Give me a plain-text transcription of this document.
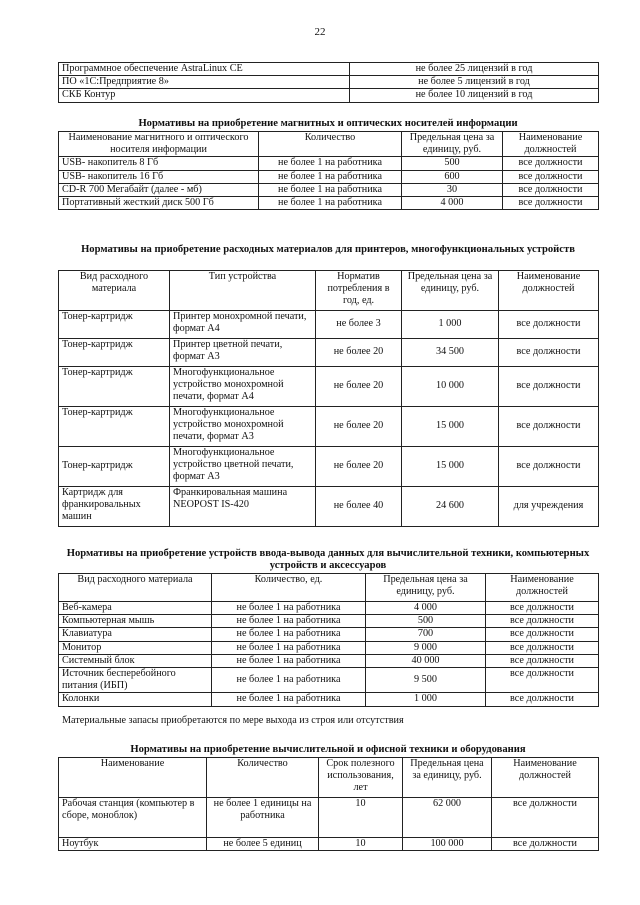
22
Программное обеспечение AstraLinux CE	не более 25 лицензий в год
ПО «1С:Предприятие 8»	не более 5 лицензий в год
СКБ Контур	не более 10 лицензий в год
Нормативы на приобретение магнитных и оптических носителей информации
Наименование магнитного и оптического носителя информации	Количество	Предельная цена за единицу, руб.	Наименование должностей
USB- накопитель 8 Гб	не более 1 на работника	500	все должности
USB- накопитель 16 Гб	не более 1 на работника	600	все должности
CD-R 700 Мегабайт (далее - мб)	не более 1 на работника	30	все должности
Портативный жесткий диск 500 Гб	не более 1 на работника	4 000	все должности
Нормативы на приобретение расходных материалов для принтеров, многофункциональных устройств
Вид расходного материала	Тип устройства	Норматив потребления в год, ед.	Предельная цена за единицу, руб.	Наименование должностей
Тонер-картридж	Принтер монохромной печати, формат А4	не более 3	1 000	все должности
Тонер-картридж	Принтер цветной печати, формат А3	не более 20	34 500	все должности
Тонер-картридж	Многофункциональное устройство монохромной печати, формат А4	не более 20	10 000	все должности
Тонер-картридж	Многофункциональное устройство монохромной печати, формат А3	не более 20	15 000	все должности
Тонер-картридж	Многофункциональное устройство цветной печати, формат А3	не более 20	15 000	все должности
Картридж для франкировальных машин	Франкировальная машина NEOPOST IS-420	не более 40	24 600	для учреждения
Нормативы на приобретение устройств ввода-вывода данных для вычислительной техники, компьютерных устройств и аксессуаров
Вид расходного материала	Количество, ед.	Предельная цена за единицу, руб.	Наименование должностей
Веб-камера	не более 1 на работника	4 000	все должности
Компьютерная мышь	не более 1 на работника	500	все должности
Клавиатура	не более 1 на работника	700	все должности
Монитор	не более 1 на работника	9 000	все должности
Системный блок	не более 1 на работника	40 000	все должности
Источник бесперебойного питания (ИБП)	не более 1 на работника	9 500	все должности
Колонки	не более 1 на работника	1 000	все должности
Материальные запасы приобретаются по мере выхода из строя или отсутствия
Нормативы на приобретение вычислительной и офисной техники и оборудования
Наименование	Количество	Срок полезного использования, лет	Предельная цена за единицу, руб.	Наименование должностей
Рабочая станция (компьютер в сборе, моноблок)	не более 1 единицы на работника	10	62 000	все должности
Ноутбук	не более 5 единиц	10	100 000	все должности
